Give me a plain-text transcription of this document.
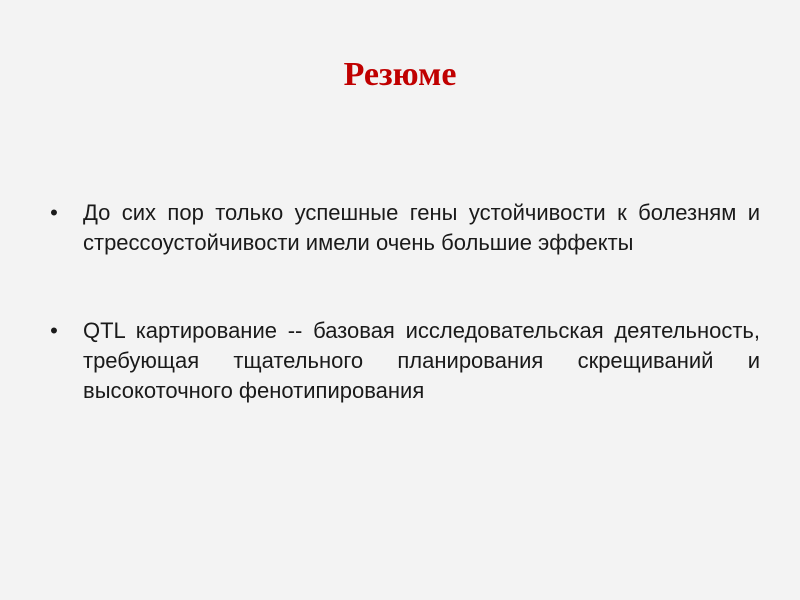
Резюме
• До сих пор только успешные гены устойчивости к болезням и стрессоустойчивости имели очень большие эффекты
• QTL картирование -- базовая исследовательская деятельность, требующая тщательного планирования скрещиваний и высокоточного фенотипирования
